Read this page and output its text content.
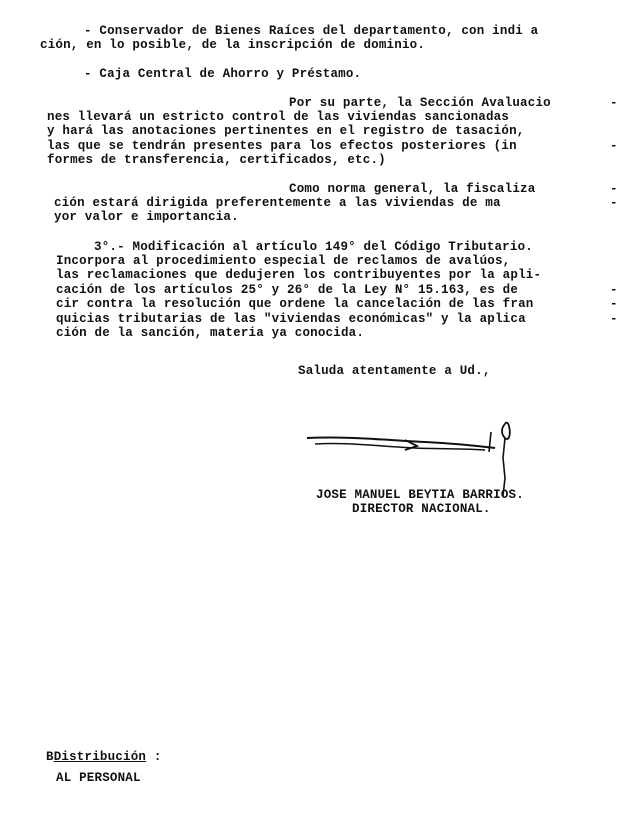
- Conservador de Bienes Raíces del departamento, con indi a
ción, en lo posible, de la inscripción de dominio.
- Caja Central de Ahorro y Préstamo.
Por su parte, la Sección Avaluacio	-
nes llevará un estricto control de las viviendas sancionadas
y hará las anotaciones pertinentes en el registro de tasación,
las que se tendrán presentes para los efectos posteriores (in	-
formes de transferencia, certificados, etc.)
Como norma general, la fiscaliza	-
ción estará dirigida preferentemente a las viviendas de ma	-
yor valor e importancia.
3°.- Modificación al artículo 149° del Código Tributario.
Incorpora al procedimiento especial de reclamos de avalúos,
las reclamaciones que dedujeren los contribuyentes por la apli-
cación de los artículos 25° y 26° de la Ley N° 15.163, es de	-
cir contra la resolución que ordene la cancelación de las fran	-
quicias tributarias de las "viviendas económicas" y la aplica	-
ción de la sanción, materia ya conocida.
Saluda atentamente a Ud.,
JOSE MANUEL BEYTIA BARRIOS.
DIRECTOR NACIONAL.
BDistribución :
AL PERSONAL
